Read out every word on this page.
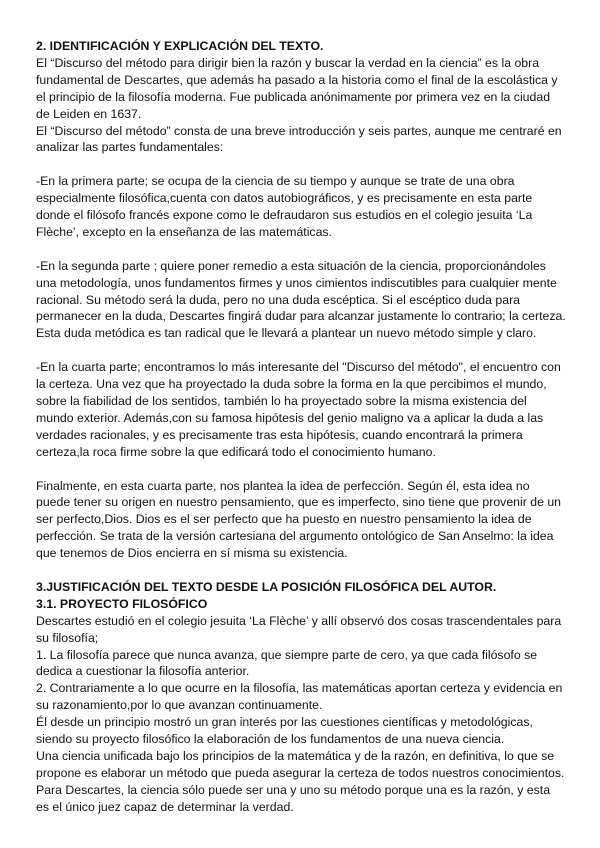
2. IDENTIFICACIÓN Y EXPLICACIÓN DEL TEXTO.

El “Discurso del método para dirigir bien la razón y buscar la verdad en la ciencia” es la obra fundamental de Descartes, que además ha pasado a la historia como el final de la escolástica y el principio de la filosofía moderna. Fue publicada anónimamente por primera vez en la ciudad de Leiden en 1637.

El “Discurso del método” consta de una breve introducción y seis partes, aunque me centraré en analizar las partes fundamentales:

-En la primera parte; se ocupa de la ciencia de su tiempo y aunque se trate de una obra especialmente filosófica,cuenta con datos autobiográficos, y es precisamente en esta parte donde el filósofo francés expone como le defraudaron sus estudios en el colegio jesuita ‘La Flèche’, excepto en la enseñanza de las matemáticas.

-En la segunda parte ; quiere poner remedio a esta situación de la ciencia, proporcionándoles una metodología, unos fundamentos firmes y unos cimientos indiscutibles para cualquier mente racional. Su método será la duda, pero no una duda escéptica. Si el escéptico duda para permanecer en la duda, Descartes fingirá dudar para alcanzar justamente lo contrario; la certeza. Esta duda metódica es tan radical que le llevará a plantear un nuevo método simple y claro.

-En la cuarta parte; encontramos lo más interesante del "Discurso del método", el encuentro con la certeza. Una vez que ha proyectado la duda sobre la forma en la que percibimos el mundo, sobre la fiabilidad de los sentidos, también lo ha proyectado sobre la misma existencia del mundo exterior. Además,con su famosa hipótesis del genio maligno va a aplicar la duda a las verdades racionales, y es precisamente tras esta hipótesis, cuando encontrará la primera certeza,la roca firme sobre la que edificará todo el conocimiento humano.

Finalmente, en esta cuarta parte, nos plantea la idea de perfección. Según él, esta idea no puede tener su origen en nuestro pensamiento, que es imperfecto, sino tiene que provenir de un ser perfecto,Dios. Dios es el ser perfecto que ha puesto en nuestro pensamiento la idea de perfección. Se trata de la versión cartesiana del argumento ontológico de San Anselmo: la idea que tenemos de Dios encierra en sí misma su existencia.

3.JUSTIFICACIÓN DEL TEXTO DESDE LA POSICIÓN FILOSÓFICA DEL AUTOR.
3.1. PROYECTO FILOSÓFICO

Descartes estudió en el colegio jesuita ‘La Flèche’ y allí observó dos cosas trascendentales para su filosofía;

1. La filosofía parece que nunca avanza, que siempre parte de cero, ya que cada filósofo se dedica a cuestionar la filosofía anterior.

2. Contrariamente a lo que ocurre en la filosofía, las matemáticas aportan certeza y evidencia en su razonamiento,por lo que avanzan continuamente.

Él desde un principio mostró un gran interés por las cuestiones científicas y metodológicas, siendo su proyecto filosófico la elaboración de los fundamentos de una nueva ciencia.

Una ciencia unificada bajo los principios de la matemática y de la razón, en definitiva, lo que se propone es elaborar un método que pueda asegurar la certeza de todos nuestros conocimientos.

Para Descartes, la ciencia sólo puede ser una y uno su método porque una es la razón, y esta es el único juez capaz de determinar la verdad.
